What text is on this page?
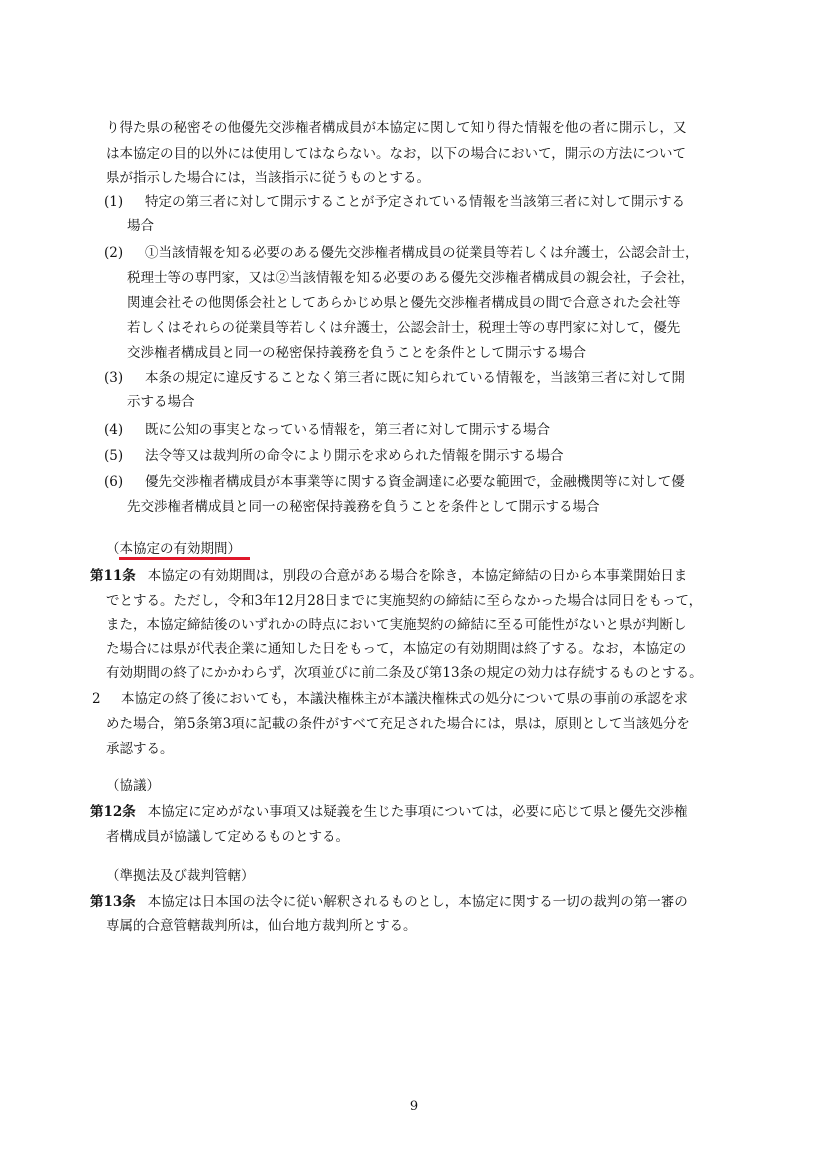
り得た県の秘密その他優先交渉権者構成員が本協定に関して知り得た情報を他の者に開示し，又
は本協定の目的以外には使用してはならない。なお，以下の場合において，開示の方法について
県が指示した場合には，当該指示に従うものとする。
(1) 特定の第三者に対して開示することが予定されている情報を当該第三者に対して開示する
場合
(2) ①当該情報を知る必要のある優先交渉権者構成員の従業員等若しくは弁護士，公認会計士，
税理士等の専門家，又は②当該情報を知る必要のある優先交渉権者構成員の親会社，子会社，
関連会社その他関係会社としてあらかじめ県と優先交渉権者構成員の間で合意された会社等
若しくはそれらの従業員等若しくは弁護士，公認会計士，税理士等の専門家に対して，優先
交渉権者構成員と同一の秘密保持義務を負うことを条件として開示する場合
(3) 本条の規定に違反することなく第三者に既に知られている情報を，当該第三者に対して開
示する場合
(4) 既に公知の事実となっている情報を，第三者に対して開示する場合
(5) 法令等又は裁判所の命令により開示を求められた情報を開示する場合
(6) 優先交渉権者構成員が本事業等に関する資金調達に必要な範囲で，金融機関等に対して優
先交渉権者構成員と同一の秘密保持義務を負うことを条件として開示する場合
（本協定の有効期間）
第11条 本協定の有効期間は，別段の合意がある場合を除き，本協定締結の日から本事業開始日ま
でとする。ただし，令和3年12月28日までに実施契約の締結に至らなかった場合は同日をもって，
また，本協定締結後のいずれかの時点において実施契約の締結に至る可能性がないと県が判断し
た場合には県が代表企業に通知した日をもって，本協定の有効期間は終了する。なお，本協定の
有効期間の終了にかかわらず，次項並びに前二条及び第13条の規定の効力は存続するものとする。
2 本協定の終了後においても，本議決権株主が本議決権株式の処分について県の事前の承認を求
めた場合，第5条第3項に記載の条件がすべて充足された場合には，県は，原則として当該処分を
承認する。
（協議）
第12条 本協定に定めがない事項又は疑義を生じた事項については，必要に応じて県と優先交渉権
者構成員が協議して定めるものとする。
（準拠法及び裁判管轄）
第13条 本協定は日本国の法令に従い解釈されるものとし，本協定に関する一切の裁判の第一審の
専属的合意管轄裁判所は，仙台地方裁判所とする。
9
